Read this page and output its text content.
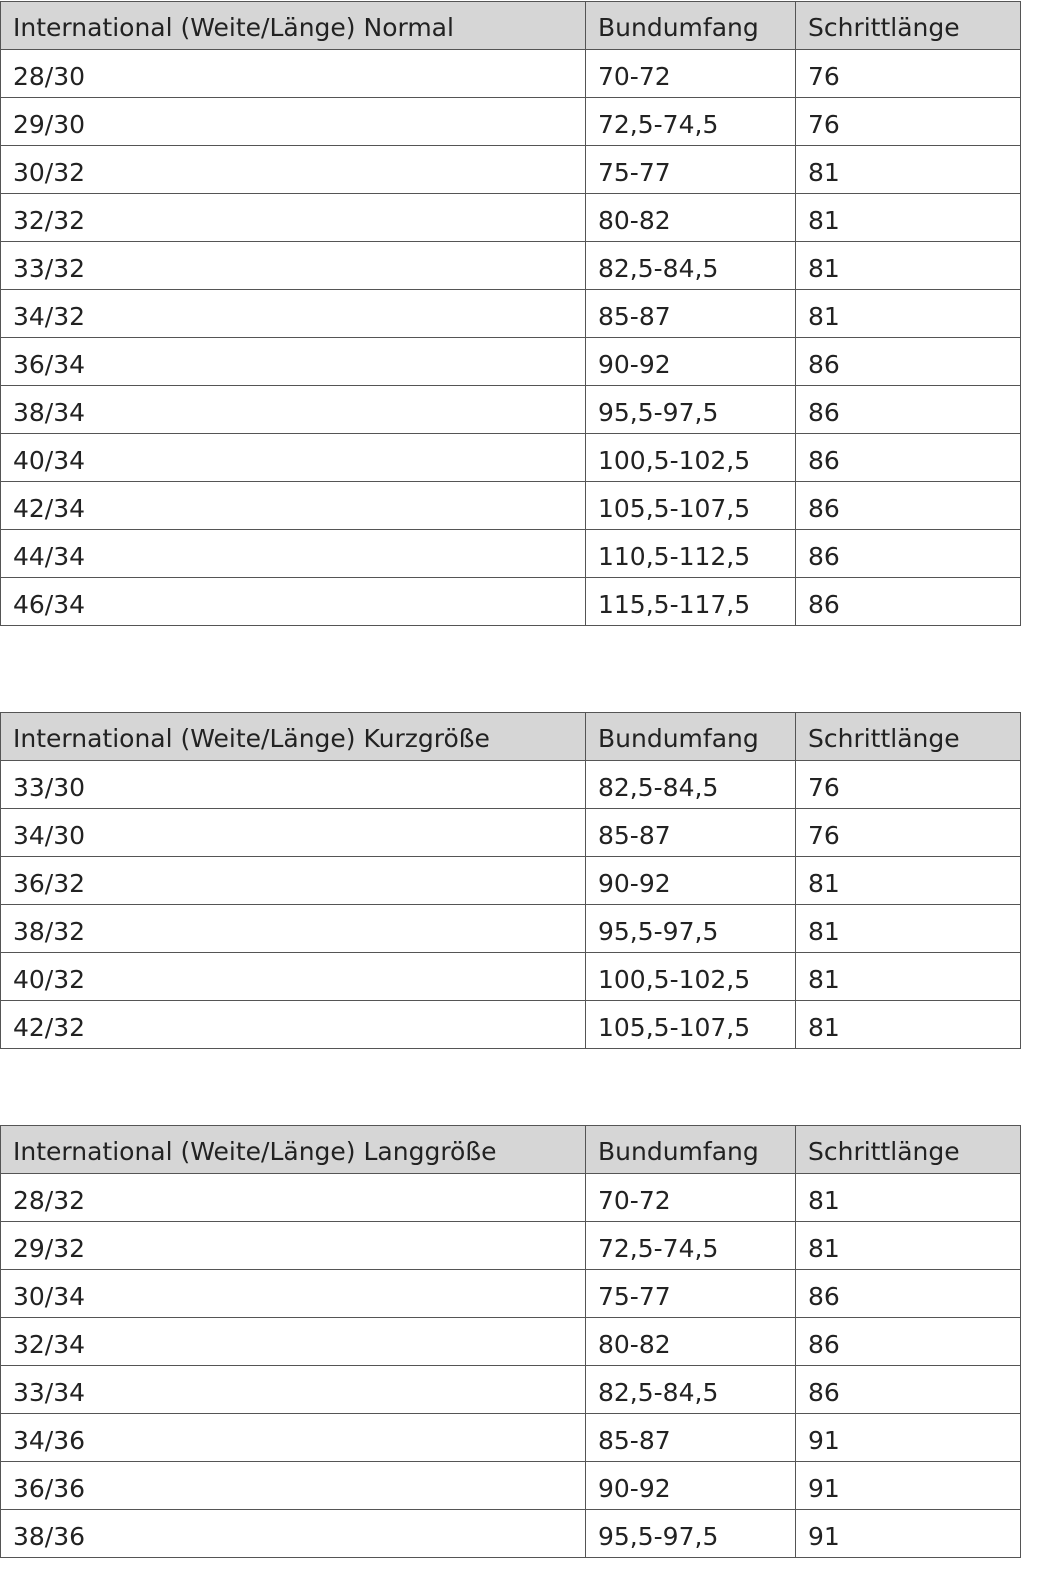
International (Weite/Länge) Normal	Bundumfang	Schrittlänge
28/30	70-72	76
29/30	72,5-74,5	76
30/32	75-77	81
32/32	80-82	81
33/32	82,5-84,5	81
34/32	85-87	81
36/34	90-92	86
38/34	95,5-97,5	86
40/34	100,5-102,5	86
42/34	105,5-107,5	86
44/34	110,5-112,5	86
46/34	115,5-117,5	86
International (Weite/Länge) Kurzgröße	Bundumfang	Schrittlänge
33/30	82,5-84,5	76
34/30	85-87	76
36/32	90-92	81
38/32	95,5-97,5	81
40/32	100,5-102,5	81
42/32	105,5-107,5	81
International (Weite/Länge) Langgröße	Bundumfang	Schrittlänge
28/32	70-72	81
29/32	72,5-74,5	81
30/34	75-77	86
32/34	80-82	86
33/34	82,5-84,5	86
34/36	85-87	91
36/36	90-92	91
38/36	95,5-97,5	91
